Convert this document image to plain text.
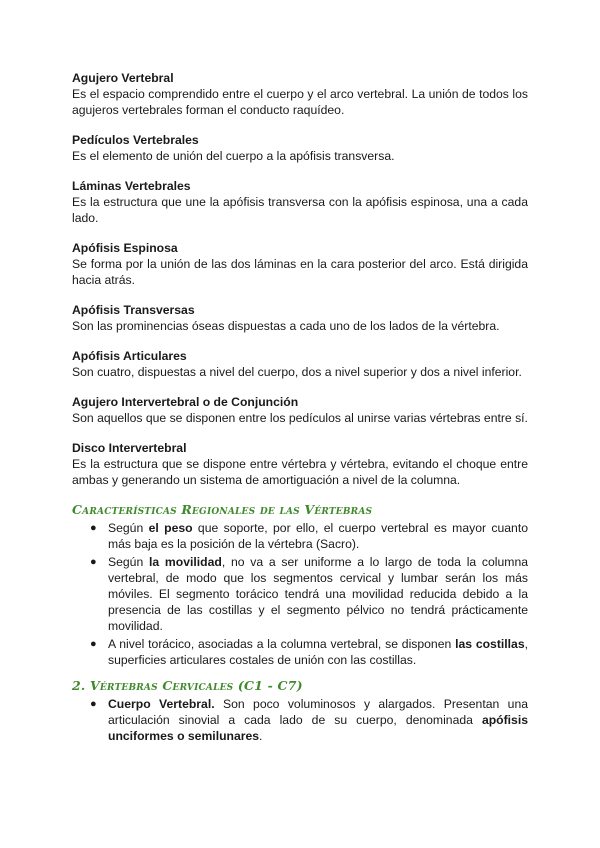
Agujero Vertebral
Es el espacio comprendido entre el cuerpo y el arco vertebral. La unión de todos los agujeros vertebrales forman el conducto raquídeo.
Pedículos Vertebrales
Es el elemento de unión del cuerpo a la apófisis transversa.
Láminas Vertebrales
Es la estructura que une la apófisis transversa con la apófisis espinosa, una a cada lado.
Apófisis Espinosa
Se forma por la unión de las dos láminas en la cara posterior del arco. Está dirigida hacia atrás.
Apófisis Transversas
Son las prominencias óseas dispuestas a cada uno de los lados de la vértebra.
Apófisis Articulares
Son cuatro, dispuestas a nivel del cuerpo, dos a nivel superior y dos a nivel inferior.
Agujero Intervertebral o de Conjunción
Son aquellos que se disponen entre los pedículos al unirse varias vértebras entre sí.
Disco Intervertebral
Es la estructura que se dispone entre vértebra y vértebra, evitando el choque entre ambas y generando un sistema de amortiguación a nivel de la columna.
Características Regionales de las Vértebras
● Según el peso que soporte, por ello, el cuerpo vertebral es mayor cuanto más baja es la posición de la vértebra (Sacro).
● Según la movilidad, no va a ser uniforme a lo largo de toda la columna vertebral, de modo que los segmentos cervical y lumbar serán los más móviles. El segmento torácico tendrá una movilidad reducida debido a la presencia de las costillas y el segmento pélvico no tendrá prácticamente movilidad.
● A nivel torácico, asociadas a la columna vertebral, se disponen las costillas, superficies articulares costales de unión con las costillas.
2. Vértebras Cervicales (C1 - C7)
● Cuerpo Vertebral. Son poco voluminosos y alargados. Presentan una articulación sinovial a cada lado de su cuerpo, denominada apófisis unciformes o semilunares.
